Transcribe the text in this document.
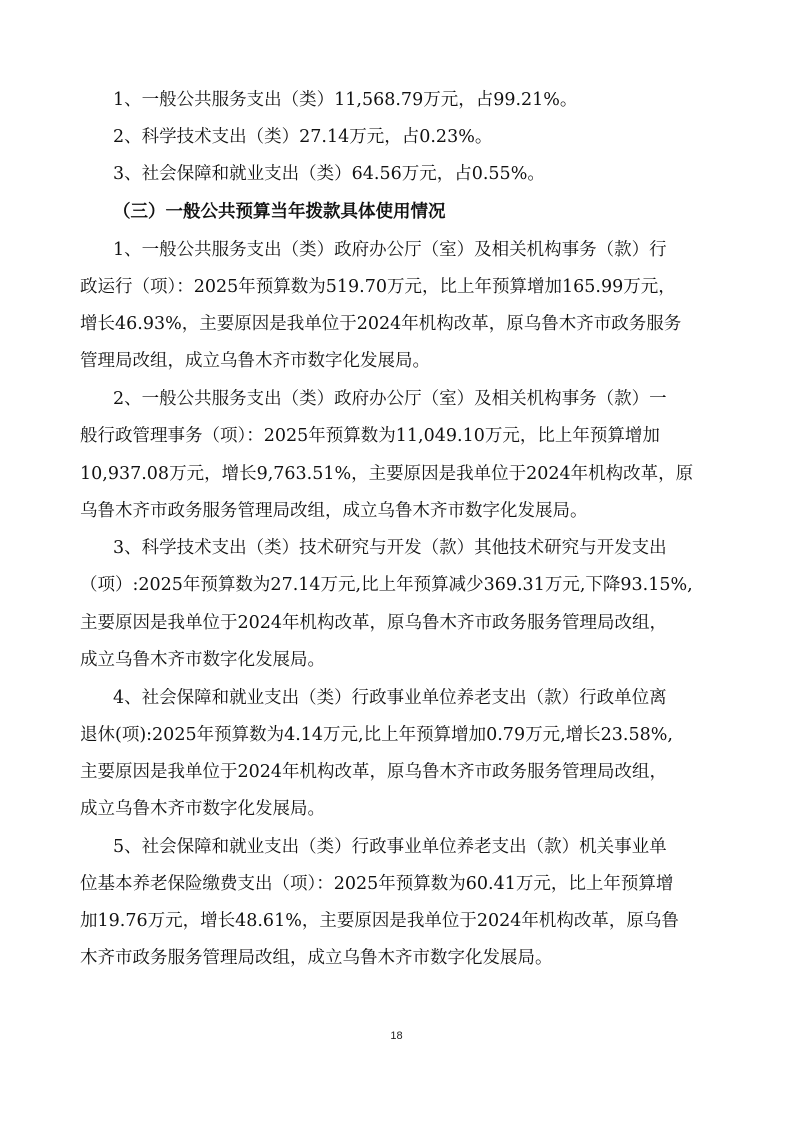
1、一般公共服务支出（类）11,568.79万元，占99.21%。
2、科学技术支出（类）27.14万元，占0.23%。
3、社会保障和就业支出（类）64.56万元，占0.55%。
（三）一般公共预算当年拨款具体使用情况
1、一般公共服务支出（类）政府办公厅（室）及相关机构事务（款）行
政运行（项）：2025年预算数为519.70万元，比上年预算增加165.99万元，
增长46.93%，主要原因是我单位于2024年机构改革，原乌鲁木齐市政务服务
管理局改组，成立乌鲁木齐市数字化发展局。
2、一般公共服务支出（类）政府办公厅（室）及相关机构事务（款）一
般行政管理事务（项）：2025年预算数为11,049.10万元，比上年预算增加
10,937.08万元，增长9,763.51%，主要原因是我单位于2024年机构改革，原
乌鲁木齐市政务服务管理局改组，成立乌鲁木齐市数字化发展局。
3、科学技术支出（类）技术研究与开发（款）其他技术研究与开发支出
（项）:2025年预算数为27.14万元,比上年预算减少369.31万元,下降93.15%,
主要原因是我单位于2024年机构改革，原乌鲁木齐市政务服务管理局改组，
成立乌鲁木齐市数字化发展局。
4、社会保障和就业支出（类）行政事业单位养老支出（款）行政单位离
退休(项):2025年预算数为4.14万元,比上年预算增加0.79万元,增长23.58%,
主要原因是我单位于2024年机构改革，原乌鲁木齐市政务服务管理局改组，
成立乌鲁木齐市数字化发展局。
5、社会保障和就业支出（类）行政事业单位养老支出（款）机关事业单
位基本养老保险缴费支出（项）：2025年预算数为60.41万元，比上年预算增
加19.76万元，增长48.61%，主要原因是我单位于2024年机构改革，原乌鲁
木齐市政务服务管理局改组，成立乌鲁木齐市数字化发展局。
18
